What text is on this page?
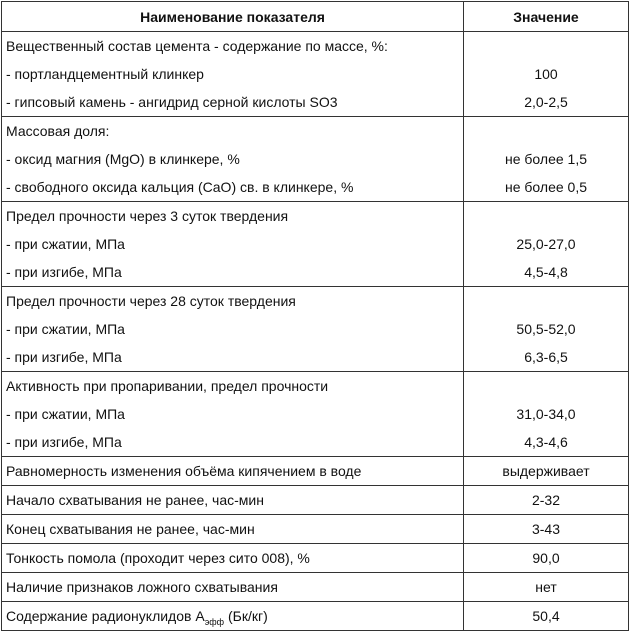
Наименование показателя	Значение
Вещественный состав цемента - содержание по массе, %:	
- портландцементный клинкер	100
- гипсовый камень - ангидрид серной кислоты SO3	2,0-2,5
Массовая доля:	
- оксид магния (MgO) в клинкере, %	не более 1,5
- свободного оксида кальция (CaO) св. в клинкере, %	не более 0,5
Предел прочности через 3 суток твердения	
- при сжатии, МПа	25,0-27,0
- при изгибе, МПа	4,5-4,8
Предел прочности через 28 суток твердения	
- при сжатии, МПа	50,5-52,0
- при изгибе, МПа	6,3-6,5
Активность при пропаривании, предел прочности	
- при сжатии, МПа	31,0-34,0
- при изгибе, МПа	4,3-4,6
Равномерность изменения объёма кипячением в воде	выдерживает
Начало схватывания не ранее, час-мин	2-32
Конец схватывания не ранее, час-мин	3-43
Тонкость помола (проходит через сито 008), %	90,0
Наличие признаков ложного схватывания	нет
Содержание радионуклидов $А_{эфф}$ (Бк/кг)	50,4
